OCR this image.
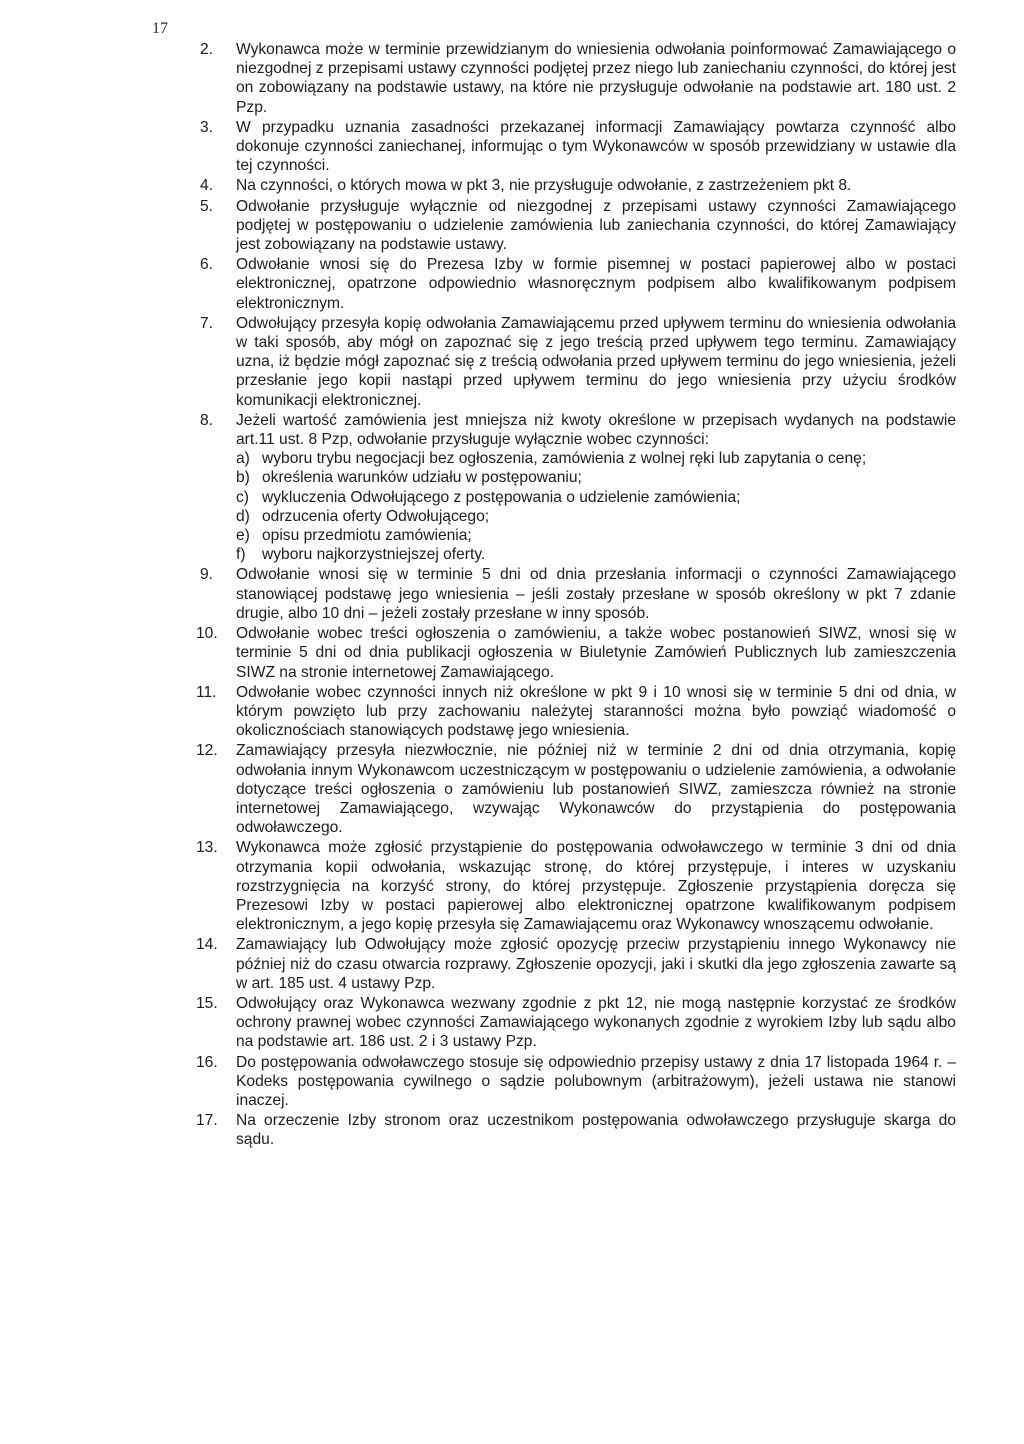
17
2.	Wykonawca może w terminie przewidzianym do wniesienia odwołania poinformować Zamawiającego o niezgodnej z przepisami ustawy czynności podjętej przez niego lub zaniechaniu czynności, do której jest on zobowiązany na podstawie ustawy, na które nie przysługuje odwołanie na podstawie art. 180 ust. 2 Pzp.
3.	W przypadku uznania zasadności przekazanej informacji Zamawiający powtarza czynność albo dokonuje czynności zaniechanej, informując o tym Wykonawców w sposób przewidziany w ustawie dla tej czynności.
4.	Na czynności, o których mowa w pkt 3, nie przysługuje odwołanie, z zastrzeżeniem pkt 8.
5.	Odwołanie przysługuje wyłącznie od niezgodnej z przepisami ustawy czynności Zamawiającego podjętej w postępowaniu o udzielenie zamówienia lub zaniechania czynności, do której Zamawiający jest zobowiązany na podstawie ustawy.
6.	Odwołanie wnosi się do Prezesa Izby w formie pisemnej w postaci papierowej albo w postaci elektronicznej, opatrzone odpowiednio własnoręcznym podpisem albo kwalifikowanym podpisem elektronicznym.
7.	Odwołujący przesyła kopię odwołania Zamawiającemu przed upływem terminu do wniesienia odwołania w taki sposób, aby mógł on zapoznać się z jego treścią przed upływem tego terminu. Zamawiający uzna, iż będzie mógł zapoznać się z treścią odwołania przed upływem terminu do jego wniesienia, jeżeli przesłanie jego kopii nastąpi przed upływem terminu do jego wniesienia przy użyciu środków komunikacji elektronicznej.
8.	Jeżeli wartość zamówienia jest mniejsza niż kwoty określone w przepisach wydanych na podstawie art.11 ust. 8 Pzp, odwołanie przysługuje wyłącznie wobec czynności:
a) wyboru trybu negocjacji bez ogłoszenia, zamówienia z wolnej ręki lub zapytania o cenę;
b) określenia warunków udziału w postępowaniu;
c) wykluczenia Odwołującego z postępowania o udzielenie zamówienia;
d) odrzucenia oferty Odwołującego;
e) opisu przedmiotu zamówienia;
f) wyboru najkorzystniejszej oferty.
9.	Odwołanie wnosi się w terminie 5 dni od dnia przesłania informacji o czynności Zamawiającego stanowiącej podstawę jego wniesienia – jeśli zostały przesłane w sposób określony w pkt 7 zdanie drugie, albo 10 dni – jeżeli zostały przesłane w inny sposób.
10.	Odwołanie wobec treści ogłoszenia o zamówieniu, a także wobec postanowień SIWZ, wnosi się w terminie 5 dni od dnia publikacji ogłoszenia w Biuletynie Zamówień Publicznych lub zamieszczenia SIWZ na stronie internetowej Zamawiającego.
11.	Odwołanie wobec czynności innych niż określone w pkt 9 i 10 wnosi się w terminie 5 dni od dnia, w którym powzięto lub przy zachowaniu należytej staranności można było powziąć wiadomość o okolicznościach stanowiących podstawę jego wniesienia.
12.	Zamawiający przesyła niezwłocznie, nie później niż w terminie 2 dni od dnia otrzymania, kopię odwołania innym Wykonawcom uczestniczącym w postępowaniu o udzielenie zamówienia, a odwołanie dotyczące treści ogłoszenia o zamówieniu lub postanowień SIWZ, zamieszcza również na stronie internetowej Zamawiającego, wzywając Wykonawców do przystąpienia do postępowania odwoławczego.
13.	Wykonawca może zgłosić przystąpienie do postępowania odwoławczego w terminie 3 dni od dnia otrzymania kopii odwołania, wskazując stronę, do której przystępuje, i interes w uzyskaniu rozstrzygnięcia na korzyść strony, do której przystępuje. Zgłoszenie przystąpienia doręcza się Prezesowi Izby w postaci papierowej albo elektronicznej opatrzone kwalifikowanym podpisem elektronicznym, a jego kopię przesyła się Zamawiającemu oraz Wykonawcy wnoszącemu odwołanie.
14.	Zamawiający lub Odwołujący może zgłosić opozycję przeciw przystąpieniu innego Wykonawcy nie później niż do czasu otwarcia rozprawy. Zgłoszenie opozycji, jaki i skutki dla jego zgłoszenia zawarte są w art. 185 ust. 4 ustawy Pzp.
15.	Odwołujący oraz Wykonawca wezwany zgodnie z pkt 12, nie mogą następnie korzystać ze środków ochrony prawnej wobec czynności Zamawiającego wykonanych zgodnie z wyrokiem Izby lub sądu albo na podstawie art. 186 ust. 2 i 3 ustawy Pzp.
16.	Do postępowania odwoławczego stosuje się odpowiednio przepisy ustawy z dnia 17 listopada 1964 r. – Kodeks postępowania cywilnego o sądzie polubownym (arbitrażowym), jeżeli ustawa nie stanowi inaczej.
17.	Na orzeczenie Izby stronom oraz uczestnikom postępowania odwoławczego przysługuje skarga do sądu.
